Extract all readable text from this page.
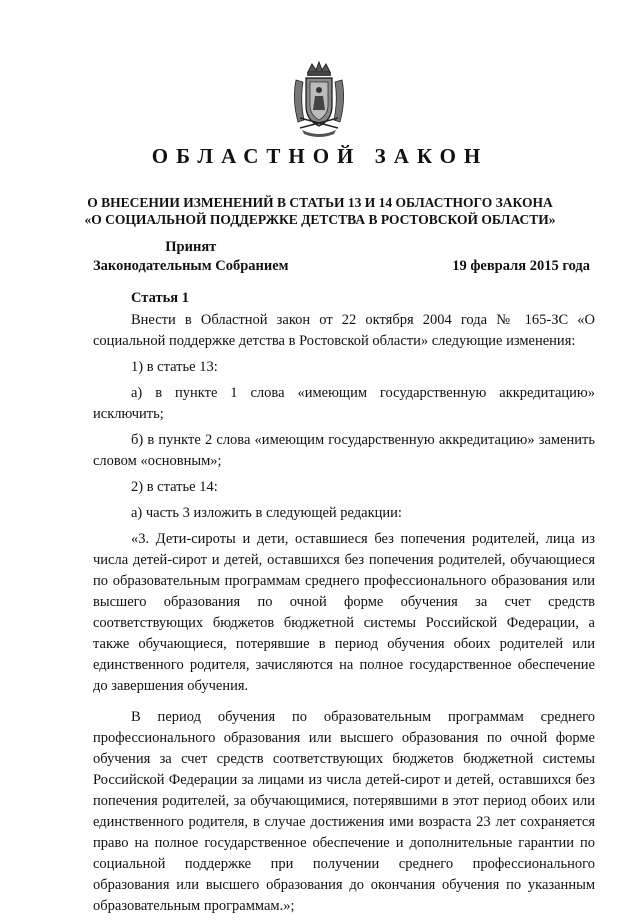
ОБЛАСТНОЙ ЗАКОН
О ВНЕСЕНИИ ИЗМЕНЕНИЙ В СТАТЬИ 13 И 14 ОБЛАСТНОГО ЗАКОНА «О СОЦИАЛЬНОЙ ПОДДЕРЖКЕ ДЕТСТВА В РОСТОВСКОЙ ОБЛАСТИ»
Принят
Законодательным Собранием	19 февраля 2015 года
Статья 1

Внести в Областной закон от 22 октября 2004 года № 165-ЗС «О социальной поддержке детства в Ростовской области» следующие изменения:

1) в статье 13:

а) в пункте 1 слова «имеющим государственную аккредитацию» исключить;

б) в пункте 2 слова «имеющим государственную аккредитацию» заменить словом «основным»;

2) в статье 14:

а) часть 3 изложить в следующей редакции:

«3. Дети-сироты и дети, оставшиеся без попечения родителей, лица из числа детей-сирот и детей, оставшихся без попечения родителей, обучающиеся по образовательным программам среднего профессионального образования или высшего образования по очной форме обучения за счет средств соответствующих бюджетов бюджетной системы Российской Федерации, а также обучающиеся, потерявшие в период обучения обоих родителей или единственного родителя, зачисляются на полное государственное обеспечение до завершения обучения.

В период обучения по образовательным программам среднего профессионального образования или высшего образования по очной форме обучения за счет средств соответствующих бюджетов бюджетной системы Российской Федерации за лицами из числа детей-сирот и детей, оставшихся без попечения родителей, за обучающимися, потерявшими в этот период обоих или единственного родителя, в случае достижения ими возраста 23 лет сохраняется право на полное государственное обеспечение и дополнительные гарантии по социальной поддержке при получении среднего профессионального образования или высшего образования до окончания обучения по указанным образовательным программам.»;
